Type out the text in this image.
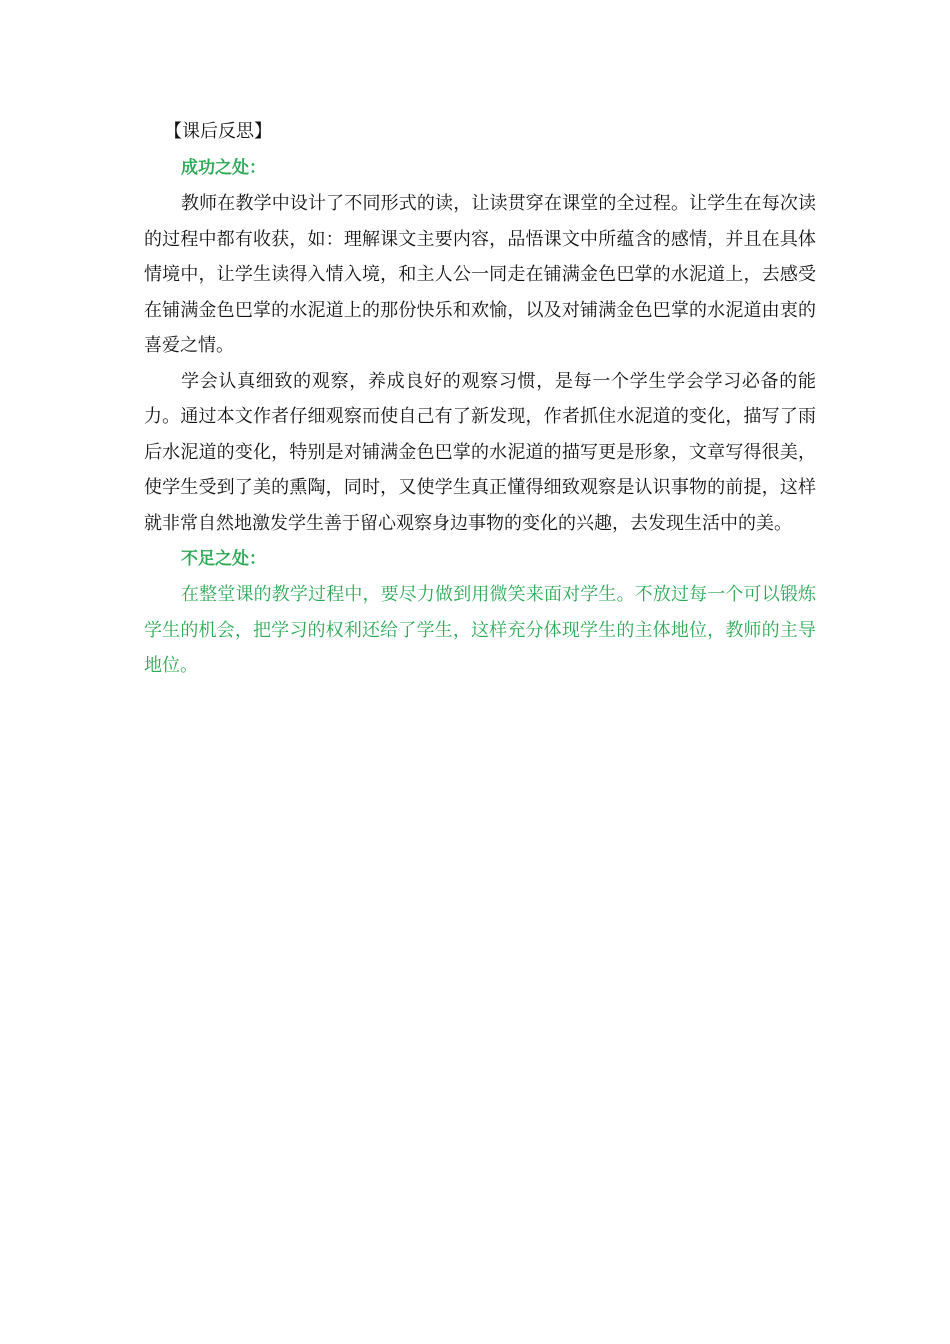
【课后反思】
成功之处：

教师在教学中设计了不同形式的读，让读贯穿在课堂的全过程。让学生在每次读的过程中都有收获，如：理解课文主要内容，品悟课文中所蕴含的感情，并且在具体情境中，让学生读得入情入境，和主人公一同走在铺满金色巴掌的水泥道上，去感受在铺满金色巴掌的水泥道上的那份快乐和欢愉，以及对铺满金色巴掌的水泥道由衷的喜爱之情。

学会认真细致的观察，养成良好的观察习惯，是每一个学生学会学习必备的能力。通过本文作者仔细观察而使自己有了新发现，作者抓住水泥道的变化，描写了雨后水泥道的变化，特别是对铺满金色巴掌的水泥道的描写更是形象，文章写得很美，使学生受到了美的熏陶，同时，又使学生真正懂得细致观察是认识事物的前提，这样就非常自然地激发学生善于留心观察身边事物的变化的兴趣，去发现生活中的美。

不足之处：

在整堂课的教学过程中，要尽力做到用微笑来面对学生。不放过每一个可以锻炼学生的机会，把学习的权利还给了学生，这样充分体现学生的主体地位，教师的主导地位。
